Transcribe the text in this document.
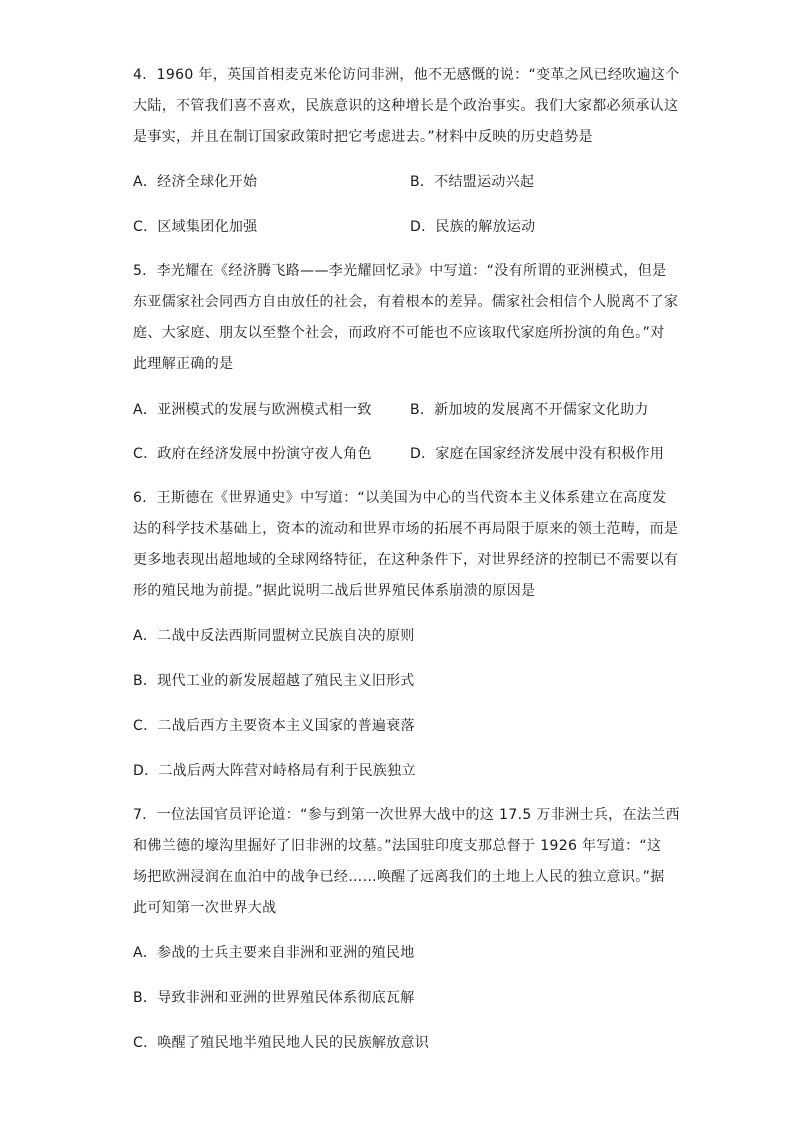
4．1960 年，英国首相麦克米伦访问非洲，他不无感慨的说：“变革之风已经吹遍这个
大陆，不管我们喜不喜欢，民族意识的这种增长是个政治事实。我们大家都必须承认这
是事实，并且在制订国家政策时把它考虑进去。”材料中反映的历史趋势是
A．经济全球化开始	B．不结盟运动兴起
C．区域集团化加强	D．民族的解放运动
5．李光耀在《经济腾飞路——李光耀回忆录》中写道：“没有所谓的亚洲模式，但是
东亚儒家社会同西方自由放任的社会，有着根本的差异。儒家社会相信个人脱离不了家
庭、大家庭、朋友以至整个社会，而政府不可能也不应该取代家庭所扮演的角色。”对
此理解正确的是
A．亚洲模式的发展与欧洲模式相一致	B．新加坡的发展离不开儒家文化助力
C．政府在经济发展中扮演守夜人角色	D．家庭在国家经济发展中没有积极作用
6．王斯德在《世界通史》中写道：“以美国为中心的当代资本主义体系建立在高度发
达的科学技术基础上，资本的流动和世界市场的拓展不再局限于原来的领土范畴，而是
更多地表现出超地域的全球网络特征，在这种条件下，对世界经济的控制已不需要以有
形的殖民地为前提。”据此说明二战后世界殖民体系崩溃的原因是
A．二战中反法西斯同盟树立民族自决的原则
B．现代工业的新发展超越了殖民主义旧形式
C．二战后西方主要资本主义国家的普遍衰落
D．二战后两大阵营对峙格局有利于民族独立
7．一位法国官员评论道：“参与到第一次世界大战中的这 17.5 万非洲士兵，在法兰西
和佛兰德的壕沟里掘好了旧非洲的坟墓。”法国驻印度支那总督于 1926 年写道：“这
场把欧洲浸润在血泊中的战争已经……唤醒了远离我们的土地上人民的独立意识。”据
此可知第一次世界大战
A．参战的士兵主要来自非洲和亚洲的殖民地
B．导致非洲和亚洲的世界殖民体系彻底瓦解
C．唤醒了殖民地半殖民地人民的民族解放意识
